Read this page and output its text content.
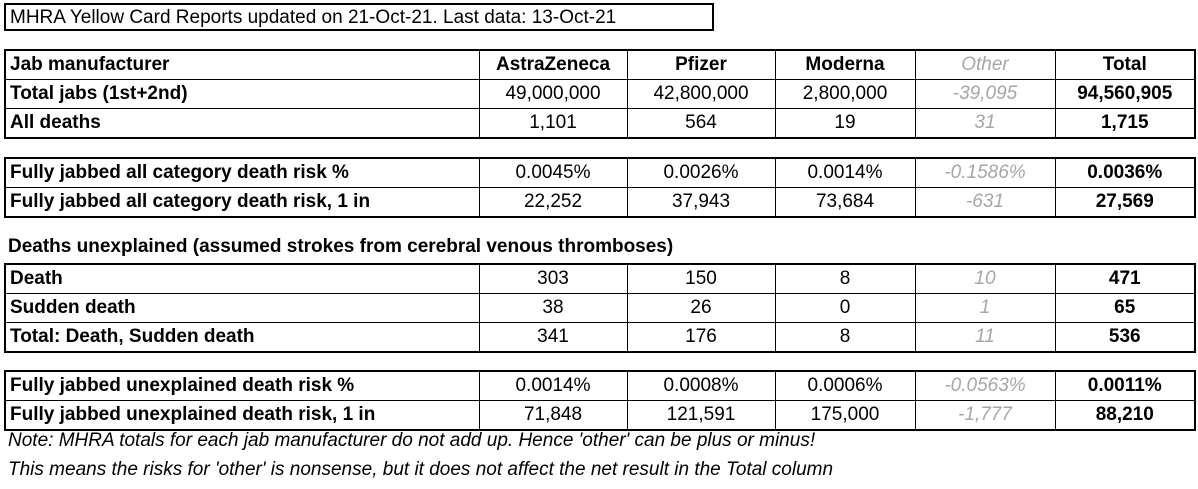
MHRA Yellow Card Reports updated on 21-Oct-21. Last data: 13-Oct-21
Jab manufacturer	AstraZeneca	Pfizer	Moderna	Other	Total
Total jabs (1st+2nd)	49,000,000	42,800,000	2,800,000	-39,095	94,560,905
All deaths	1,101	564	19	31	1,715
Fully jabbed all category death risk %	0.0045%	0.0026%	0.0014%	-0.1586%	0.0036%
Fully jabbed all category death risk, 1 in	22,252	37,943	73,684	-631	27,569
Deaths unexplained (assumed strokes from cerebral venous thromboses)
Death	303	150	8	10	471
Sudden death	38	26	0	1	65
Total: Death, Sudden death	341	176	8	11	536
Fully jabbed unexplained death risk %	0.0014%	0.0008%	0.0006%	-0.0563%	0.0011%
Fully jabbed unexplained death risk, 1 in	71,848	121,591	175,000	-1,777	88,210
Note: MHRA totals for each jab manufacturer do not add up. Hence 'other' can be plus or minus!
This means the risks for 'other' is nonsense, but it does not affect the net result in the Total column
